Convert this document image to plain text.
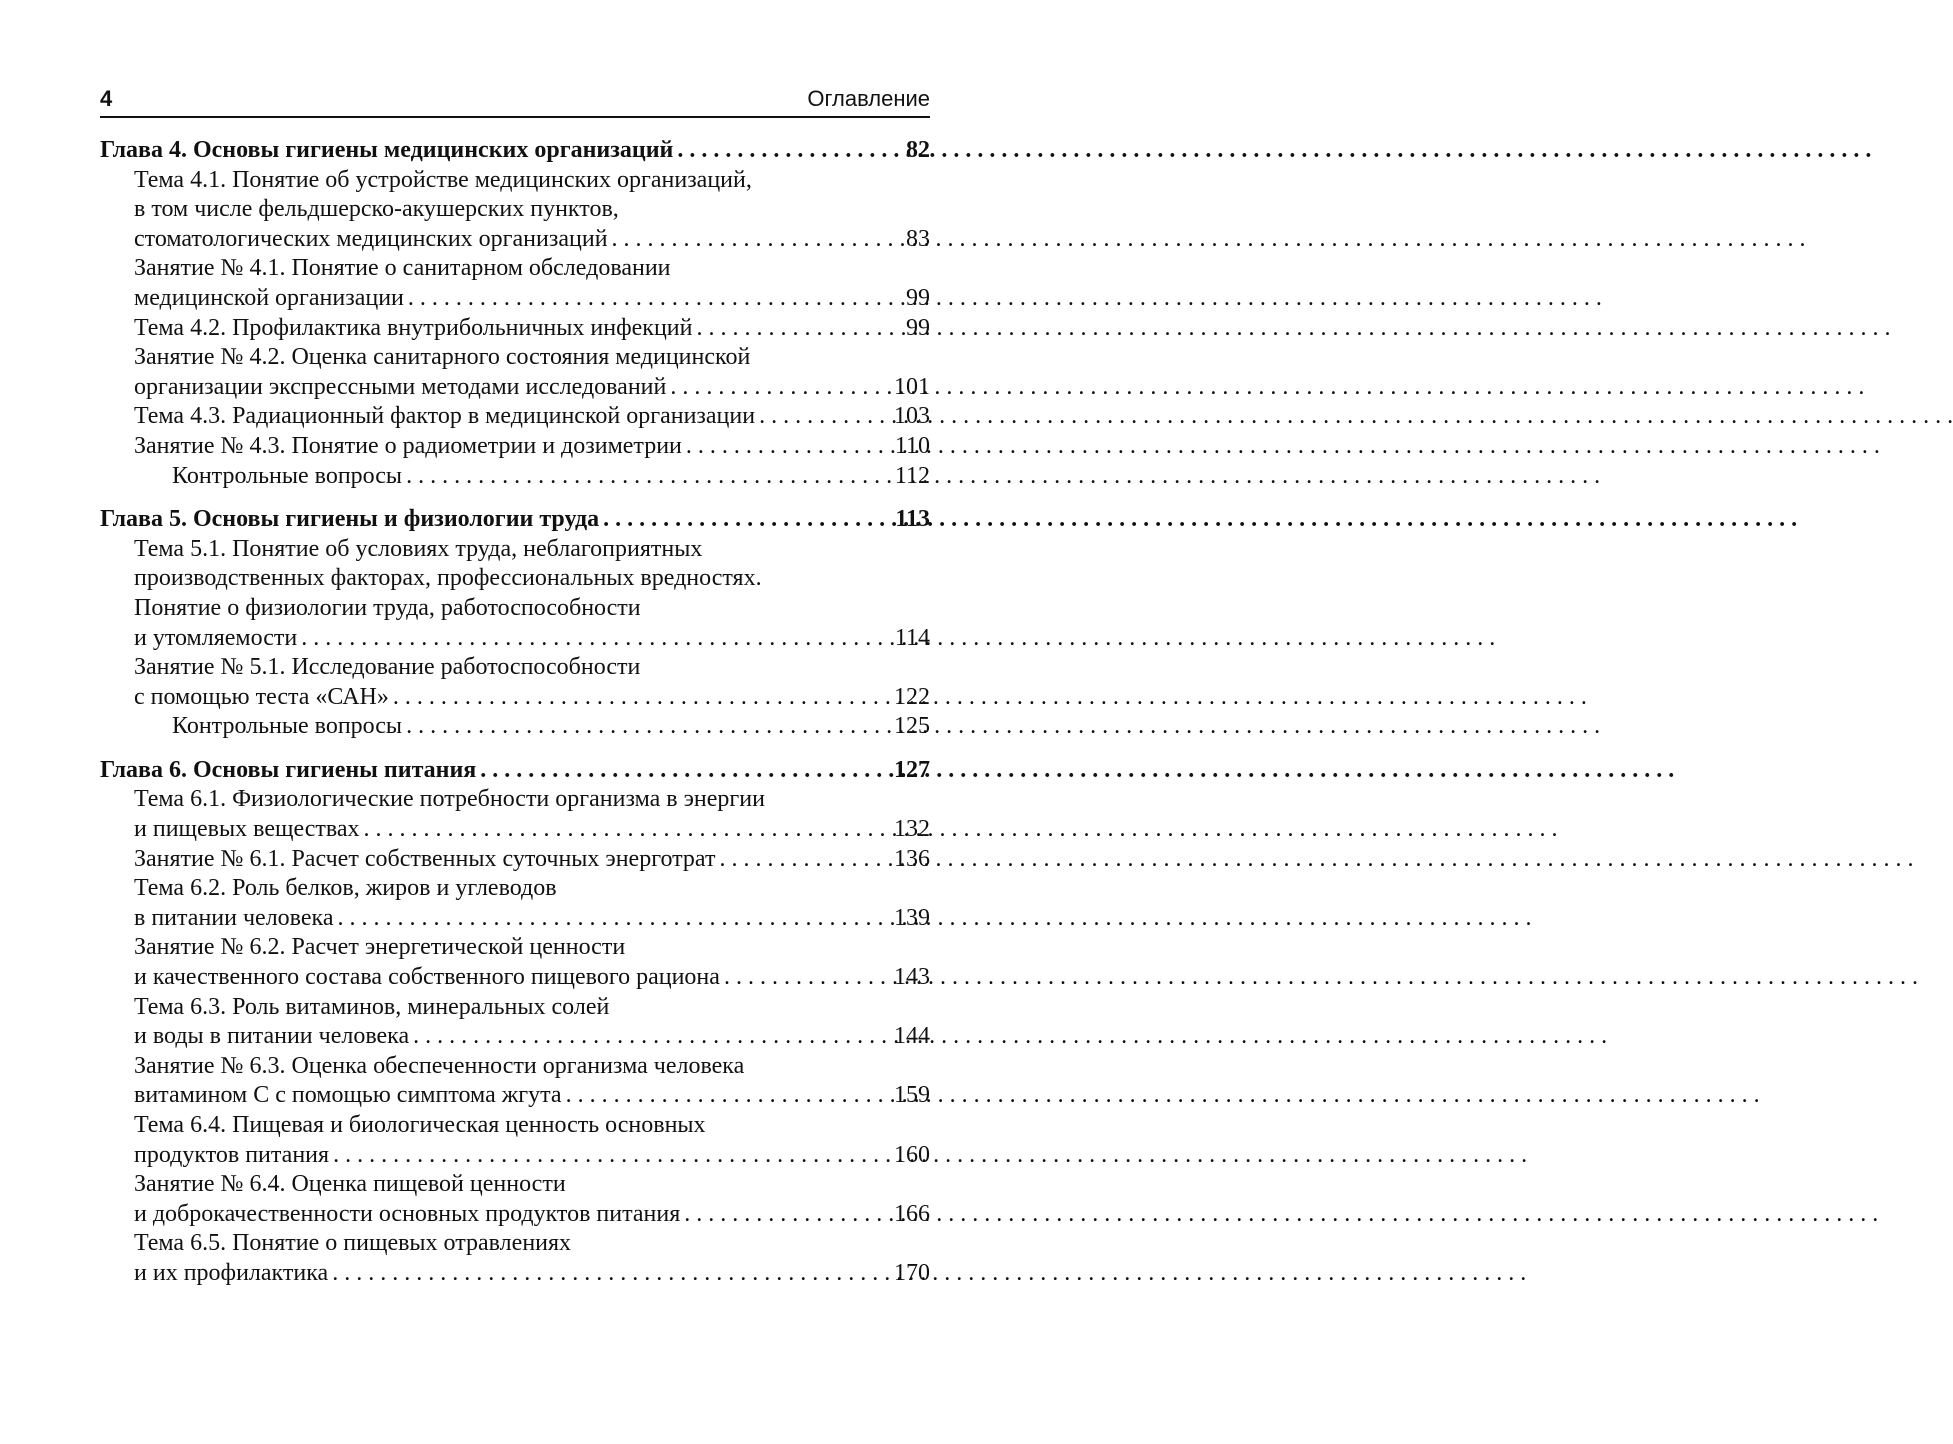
4	Оглавление
Глава 4. Основы гигиены медицинских организаций . . .	82
Тема 4.1. Понятие об устройстве медицинских организаций,
в том числе фельдшерско-акушерских пунктов,
стоматологических медицинских организаций . . .	83
Занятие № 4.1. Понятие о санитарном обследовании
медицинской организации . . .	99
Тема 4.2. Профилактика внутрибольничных инфекций . . .	99
Занятие № 4.2. Оценка санитарного состояния медицинской
организации экспрессными методами исследований . . .	101
Тема 4.3. Радиационный фактор в медицинской организации . . .	103
Занятие № 4.3. Понятие о радиометрии и дозиметрии . . .	110
Контрольные вопросы . . .	112
Глава 5. Основы гигиены и физиологии труда . . .	113
Тема 5.1. Понятие об условиях труда, неблагоприятных
производственных факторах, профессиональных вредностях.
Понятие о физиологии труда, работоспособности
и утомляемости . . .	114
Занятие № 5.1. Исследование работоспособности
с помощью теста «САН» . . .	122
Контрольные вопросы . . .	125
Глава 6. Основы гигиены питания . . .	127
Тема 6.1. Физиологические потребности организма в энергии
и пищевых веществах . . .	132
Занятие № 6.1. Расчет собственных суточных энерготрат . . .	136
Тема 6.2. Роль белков, жиров и углеводов
в питании человека . . .	139
Занятие № 6.2. Расчет энергетической ценности
и качественного состава собственного пищевого рациона . . .	143
Тема 6.3. Роль витаминов, минеральных солей
и воды в питании человека . . .	144
Занятие № 6.3. Оценка обеспеченности организма человека
витамином С с помощью симптома жгута . . .	159
Тема 6.4. Пищевая и биологическая ценность основных
продуктов питания . . .	160
Занятие № 6.4. Оценка пищевой ценности
и доброкачественности основных продуктов питания . . .	166
Тема 6.5. Понятие о пищевых отравлениях
и их профилактика . . .	170
